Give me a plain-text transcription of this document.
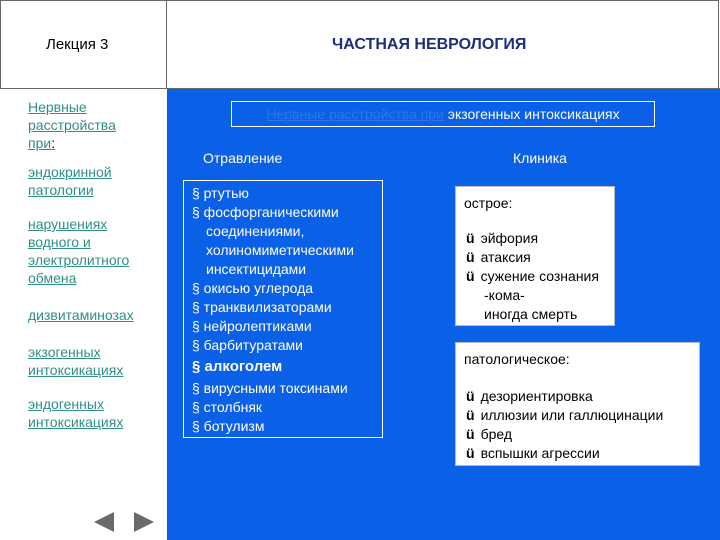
Лекция 3	ЧАСТНАЯ НЕВРОЛОГИЯ
Нервные
расстройства
при:
эндокринной
патологии
нарушениях
водного и
электролитного
обмена
дизвитаминозах
экзогенных
интоксикациях
эндогенных
интоксикациях
Нервные расстройства при экзогенных интоксикациях
Отравление	Клиника
§ ртутью
§ фосфорганическими
соединениями,
холиномиметическими
инсектицидами
§ окисью углерода
§ транквилизаторами
§ нейролептиками
§ барбитуратами
§ алкоголем
§ вирусными токсинами
§ столбняк
§ ботулизм
острое:
ü эйфория
ü атаксия
ü сужение сознания
-кома-
иногда смерть
патологическое:
ü дезориентировка
ü иллюзии или галлюцинации
ü бред
ü вспышки агрессии
